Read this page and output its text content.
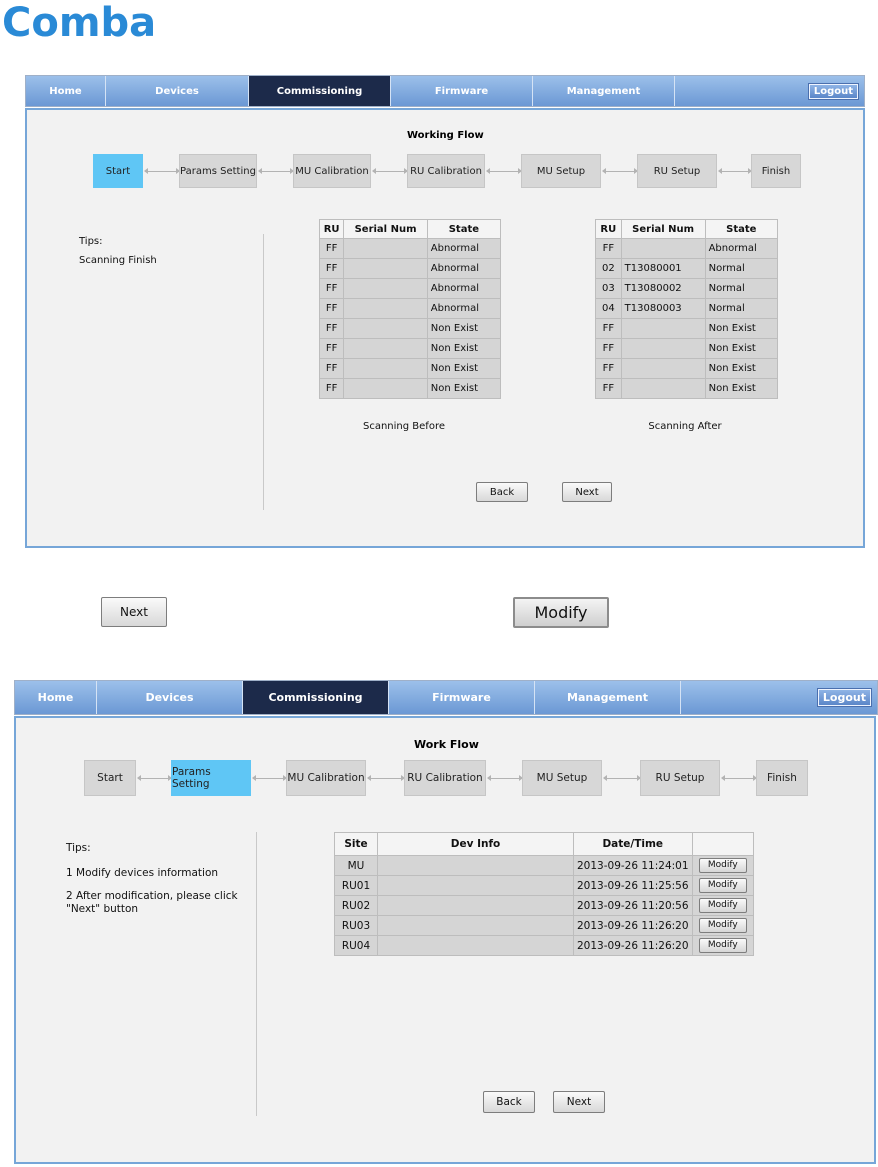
Comba
Home	Devices	Commissioning	Firmware	Management	Logout
Working Flow
Start	Params Setting	MU Calibration	RU Calibration	MU Setup	RU Setup	Finish
Tips:
Scanning Finish
RU	Serial Num	State
FF		Abnormal
FF		Abnormal
FF		Abnormal
FF		Abnormal
FF		Non Exist
FF		Non Exist
FF		Non Exist
FF		Non Exist
Scanning Before
RU	Serial Num	State
FF		Abnormal
02	T13080001	Normal
03	T13080002	Normal
04	T13080003	Normal
FF		Non Exist
FF		Non Exist
FF		Non Exist
FF		Non Exist
Scanning After
Back	Next
Next	Modify
Home	Devices	Commissioning	Firmware	Management	Logout
Work Flow
Start	Params Setting	MU Calibration	RU Calibration	MU Setup	RU Setup	Finish
Tips:
1 Modify devices information
2 After modification, please click "Next" button
Site	Dev Info	Date/Time	
MU		2013-09-26 11:24:01	Modify
RU01		2013-09-26 11:25:56	Modify
RU02		2013-09-26 11:20:56	Modify
RU03		2013-09-26 11:26:20	Modify
RU04		2013-09-26 11:26:20	Modify
Back	Next
